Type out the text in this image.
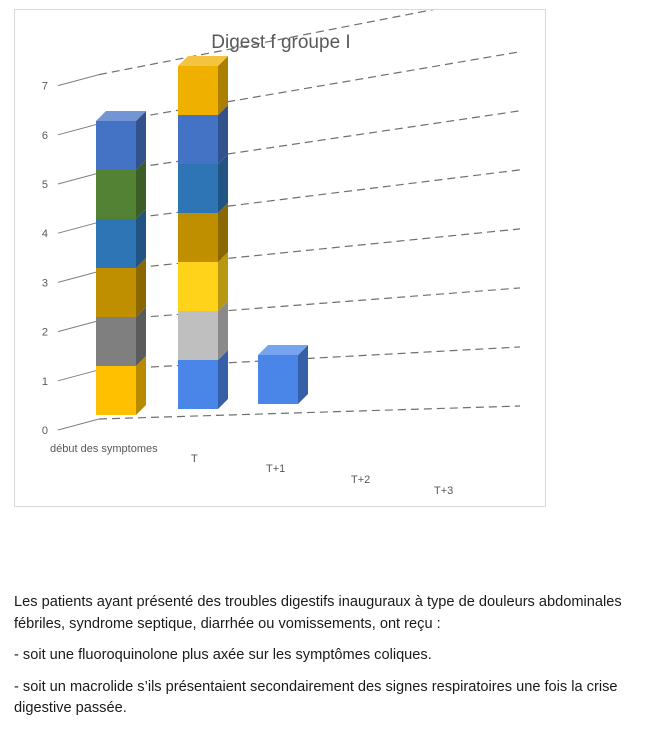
0
1
2
3
4
5
6
7
début des symptomes
T
T+1
T+2
T+3
Digest f groupe I

Les patients ayant présenté des troubles digestifs inauguraux à type de douleurs abdominales fébriles, syndrome septique, diarrhée ou vomissements, ont reçu :

- soit une fluoroquinolone plus axée sur les symptômes coliques.

- soit un macrolide s’ils présentaient secondairement des signes respiratoires une fois la crise digestive passée.
